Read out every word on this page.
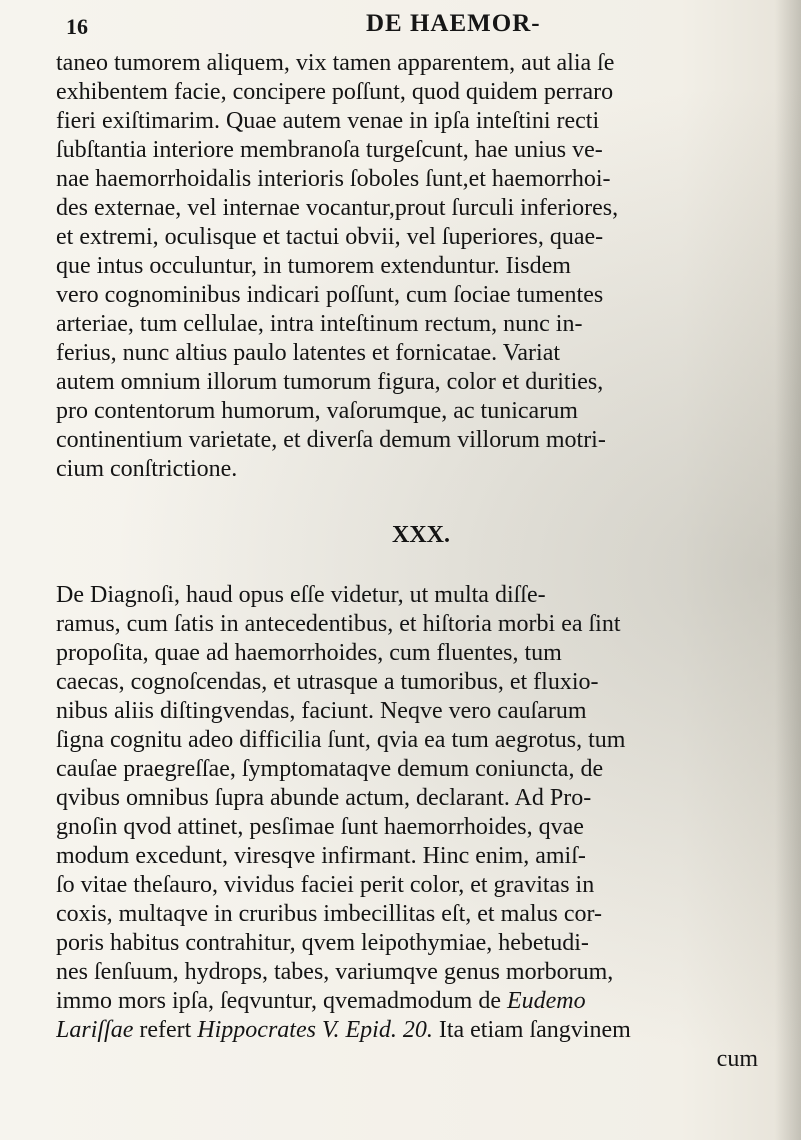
16	DE HAEMOR-
taneo tumorem aliquem, vix tamen apparentem, aut alia ſe
exhibentem facie, concipere poſſunt, quod quidem perraro
fieri exiſtimarim. Quae autem venae in ipſa inteſtini recti
ſubſtantia interiore membranoſa turgeſcunt, hae unius ve-
nae haemorrhoidalis interioris ſoboles ſunt,et haemorrhoi-
des externae, vel internae vocantur,prout ſurculi inferiores,
et extremi, oculisque et tactui obvii, vel ſuperiores, quae-
que intus occuluntur, in tumorem extenduntur. Iisdem
vero cognominibus indicari poſſunt, cum ſociae tumentes
arteriae, tum cellulae, intra inteſtinum rectum, nunc in-
ferius, nunc altius paulo latentes et fornicatae. Variat
autem omnium illorum tumorum figura, color et durities,
pro contentorum humorum, vaſorumque, ac tunicarum
continentium varietate, et diverſa demum villorum motri-
cium conſtrictione.
XXX.
De Diagnoſi, haud opus eſſe videtur, ut multa diſſe-
ramus, cum ſatis in antecedentibus, et hiſtoria morbi ea ſint
propoſita, quae ad haemorrhoides, cum fluentes, tum
caecas, cognoſcendas, et utrasque a tumoribus, et fluxio-
nibus aliis diſtingvendas, faciunt. Neqve vero cauſarum
ſigna cognitu adeo difficilia ſunt, qvia ea tum aegrotus, tum
cauſae praegreſſae, ſymptomataqve demum coniuncta, de
qvibus omnibus ſupra abunde actum, declarant. Ad Pro-
gnoſin qvod attinet, pesſimae ſunt haemorrhoides, qvae
modum excedunt, viresqve infirmant. Hinc enim, amiſ-
ſo vitae theſauro, vividus faciei perit color, et gravitas in
coxis, multaqve in cruribus imbecillitas eſt, et malus cor-
poris habitus contrahitur, qvem leipothymiae, hebetudi-
nes ſenſuum, hydrops, tabes, variumqve genus morborum,
immo mors ipſa, ſeqvuntur, qvemadmodum de Eudemo
Lariſſae refert Hippocrates V. Epid. 20. Ita etiam ſangvinem
cum
